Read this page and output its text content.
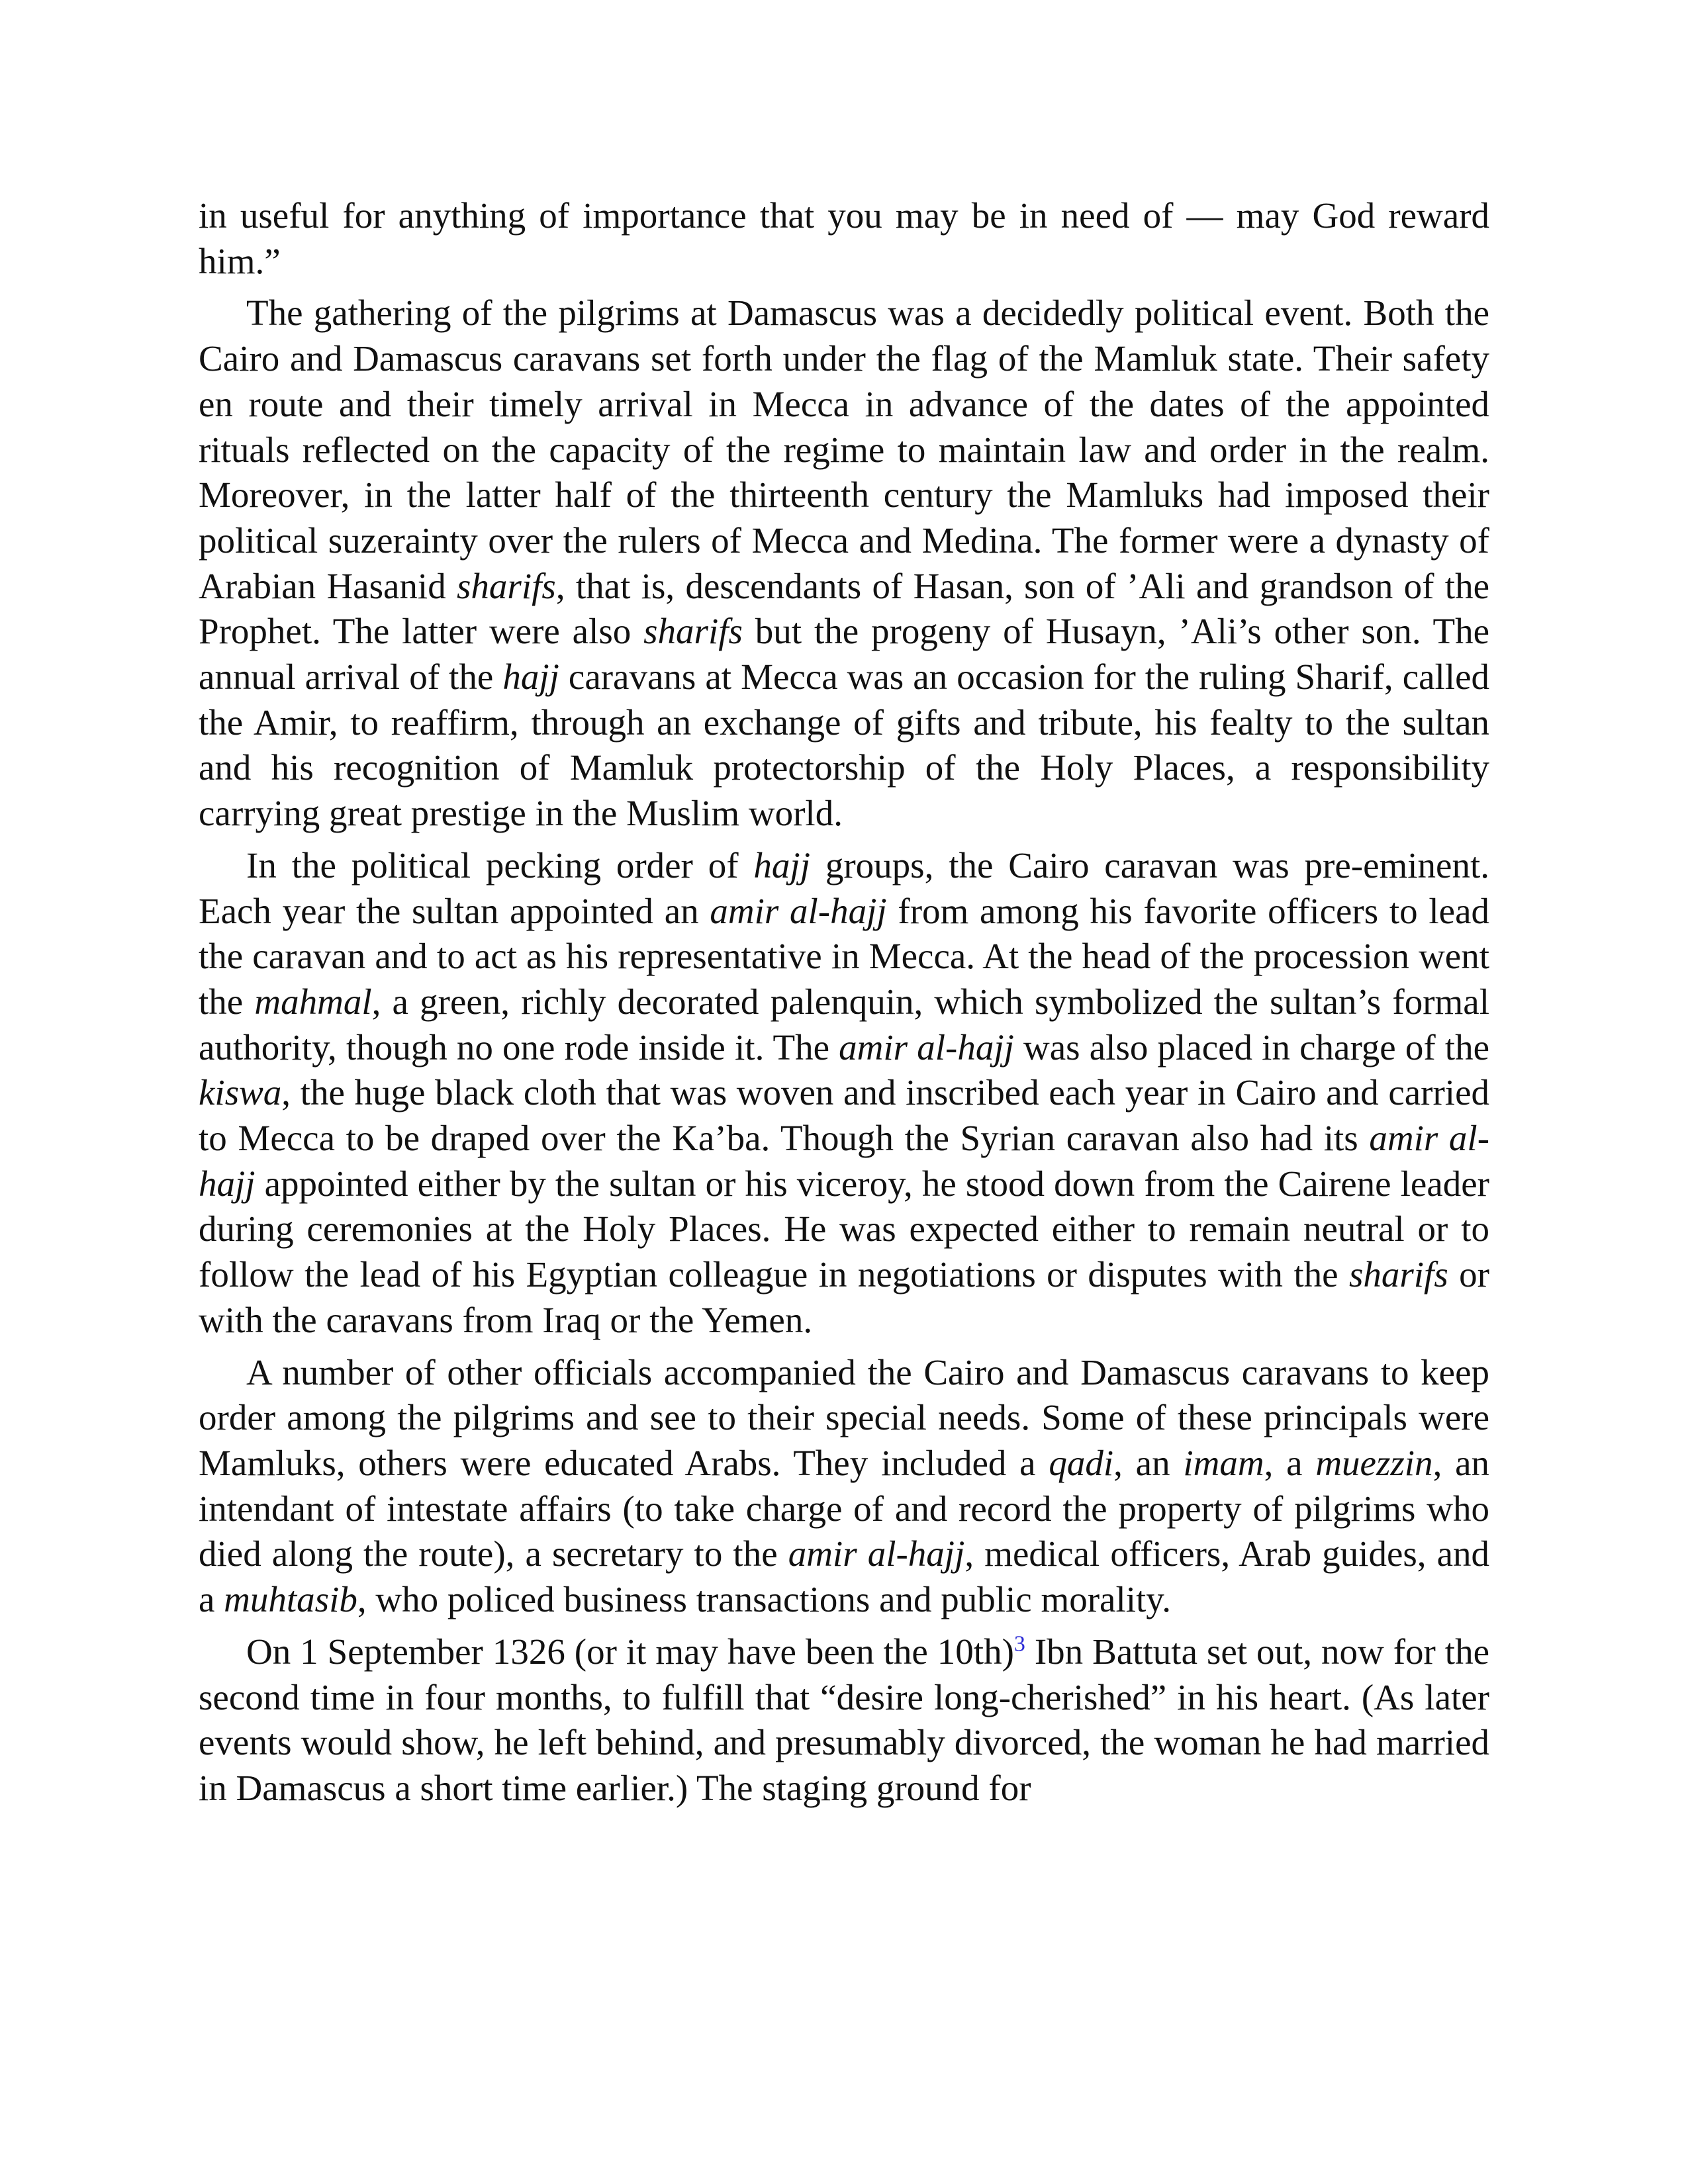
in useful for anything of importance that you may be in need of — may God reward him.”

The gathering of the pilgrims at Damascus was a decidedly political event. Both the Cairo and Damascus caravans set forth under the flag of the Mamluk state. Their safety en route and their timely arrival in Mecca in advance of the dates of the appointed rituals reflected on the capacity of the regime to maintain law and order in the realm. Moreover, in the latter half of the thirteenth century the Mamluks had imposed their political suzerainty over the rulers of Mecca and Medina. The former were a dynasty of Arabian Hasanid sharifs, that is, descendants of Hasan, son of ’Ali and grandson of the Prophet. The latter were also sharifs but the progeny of Husayn, ’Ali’s other son. The annual arrival of the hajj caravans at Mecca was an occasion for the ruling Sharif, called the Amir, to reaffirm, through an exchange of gifts and tribute, his fealty to the sultan and his recognition of Mamluk protectorship of the Holy Places, a responsibility carrying great prestige in the Muslim world.

In the political pecking order of hajj groups, the Cairo caravan was pre-eminent. Each year the sultan appointed an amir al-hajj from among his favorite officers to lead the caravan and to act as his representative in Mecca. At the head of the procession went the mahmal, a green, richly decorated palenquin, which symbolized the sultan’s formal authority, though no one rode inside it. The amir al-hajj was also placed in charge of the kiswa, the huge black cloth that was woven and inscribed each year in Cairo and carried to Mecca to be draped over the Ka’ba. Though the Syrian caravan also had its amir al-hajj appointed either by the sultan or his viceroy, he stood down from the Cairene leader during ceremonies at the Holy Places. He was expected either to remain neutral or to follow the lead of his Egyptian colleague in negotiations or disputes with the sharifs or with the caravans from Iraq or the Yemen.

A number of other officials accompanied the Cairo and Damascus caravans to keep order among the pilgrims and see to their special needs. Some of these principals were Mamluks, others were educated Arabs. They included a qadi, an imam, a muezzin, an intendant of intestate affairs (to take charge of and record the property of pilgrims who died along the route), a secretary to the amir al-hajj, medical officers, Arab guides, and a muhtasib, who policed business transactions and public morality.

On 1 September 1326 (or it may have been the 10th)$^3$ Ibn Battuta set out, now for the second time in four months, to fulfill that “desire long-cherished” in his heart. (As later events would show, he left behind, and presumably divorced, the woman he had married in Damascus a short time earlier.) The staging ground for
